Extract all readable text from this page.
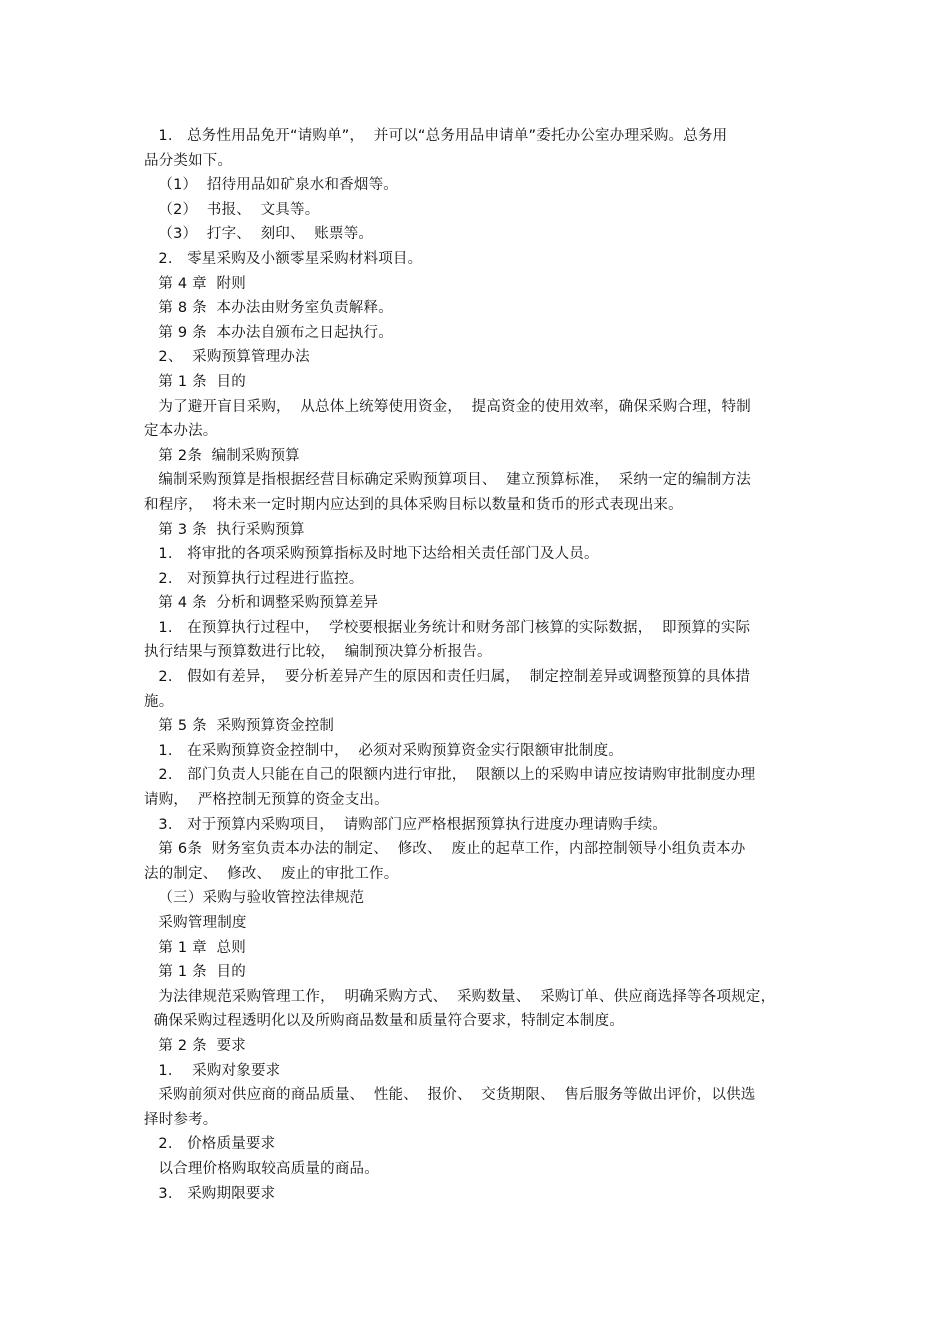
1.   总务性用品免开“请购单”，  并可以“总务用品申请单”委托办公室办理采购。总务用
品分类如下。
（1）  招待用品如矿泉水和香烟等。
（2）  书报、  文具等。
（3）  打字、  刻印、  账票等。
2.   零星采购及小额零星采购材料项目。
第 4 章  附则
第 8 条  本办法由财务室负责解释。
第 9 条  本办法自颁布之日起执行。
2、  采购预算管理办法
第 1 条  目的
为了避开盲目采购，  从总体上统筹使用资金，  提高资金的使用效率，确保采购合理，特制
定本办法。
第 2条  编制采购预算
编制采购预算是指根据经营目标确定采购预算项目、  建立预算标准，  采纳一定的编制方法
和程序，  将未来一定时期内应达到的具体采购目标以数量和货币的形式表现出来。
第 3 条  执行采购预算
1.   将审批的各项采购预算指标及时地下达给相关责任部门及人员。
2.   对预算执行过程进行监控。
第 4 条  分析和调整采购预算差异
1.   在预算执行过程中，  学校要根据业务统计和财务部门核算的实际数据，  即预算的实际
执行结果与预算数进行比较，  编制预决算分析报告。
2.   假如有差异，  要分析差异产生的原因和责任归属，  制定控制差异或调整预算的具体措
施。
第 5 条  采购预算资金控制
1.   在采购预算资金控制中，  必须对采购预算资金实行限额审批制度。
2.   部门负责人只能在自己的限额内进行审批，  限额以上的采购申请应按请购审批制度办理
请购，  严格控制无预算的资金支出。
3.   对于预算内采购项目，  请购部门应严格根据预算执行进度办理请购手续。
第 6条  财务室负责本办法的制定、  修改、  废止的起草工作，内部控制领导小组负责本办
法的制定、  修改、  废止的审批工作。
（三）采购与验收管控法律规范
采购管理制度
第 1 章  总则
第 1 条  目的
为法律规范采购管理工作，  明确采购方式、  采购数量、  采购订单、供应商选择等各项规定，
确保采购过程透明化以及所购商品数量和质量符合要求，特制定本制度。
第 2 条  要求
1．  采购对象要求
采购前须对供应商的商品质量、  性能、  报价、  交货期限、  售后服务等做出评价，以供选
择时参考。
2.   价格质量要求
以合理价格购取较高质量的商品。
3.   采购期限要求
